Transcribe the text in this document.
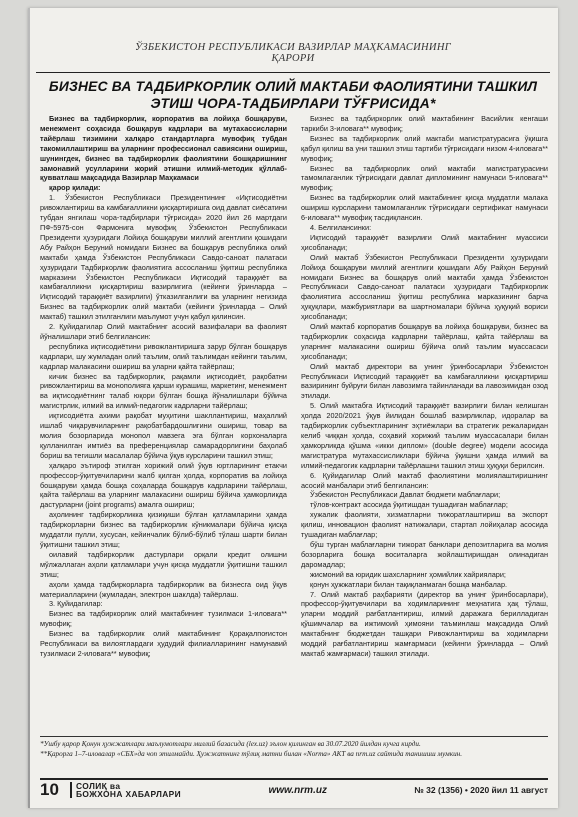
ЎЗБЕКИСТОН РЕСПУБЛИКАСИ ВАЗИРЛАР МАҲКАМАСИНИНГ
ҚАРОРИ
БИЗНЕС ВА ТАДБИРКОРЛИК ОЛИЙ МАКТАБИ ФАОЛИЯТИНИ ТАШКИЛ
ЭТИШ ЧОРА-ТАДБИРЛАРИ ТЎҒРИСИДА*

Бизнес ва тадбиркорлик, корпоратив ва лойиҳа бошқаруви, менежмент соҳасида бошқарув кадрлари ва мутахассисларни тайёрлаш тизимини халқаро стандартларга мувофиқ тубдан такомиллаштириш ва уларнинг профессионал савиясини ошириш, шунингдек, бизнес ва тадбиркорлик фаолиятини бошқаришнинг замонавий усулларини жорий этишни илмий-методик қўллаб-қувватлаш мақсадида Вазирлар Маҳкамаси

қарор қилади:

1. Ўзбекистон Республикаси Президентининг «Иқтисодиётни ривожлантириш ва камбағалликни қисқартиришга оид давлат сиёсатини тубдан янгилаш чора-тадбирлари тўғрисида» 2020 йил 26 мартдаги ПФ-5975-сон Фармонига мувофиқ Ўзбекистон Республикаси Президенти ҳузуридаги Лойиҳа бошқаруви миллий агентлиги қошидаги Абу Райҳон Беруний номидаги Бизнес ва бошқарув республика олий мактаби ҳамда Ўзбекистон Республикаси Савдо-саноат палатаси ҳузуридаги Тадбиркорлик фаолиятига ассосланиш ўқитиш республика марказини Ўзбекистон Республикаси Иқтисодий тараққиёт ва камбағалликни қисқартириш вазирлигига (кейинги ўринларда – Иқтисодий тараққиёт вазирлиги) ўтказилганлиги ва уларнинг негизида Бизнес ва тадбиркорлик олий мактаби (кейинги ўринларда – Олий мактаб) ташкил этилганлиги маълумот учун қабул қилинсин.

2. Қуйидагилар Олий мактабнинг асосий вазифалари ва фаолият йўналишлари этиб белгилансин:

республика иқтисодиётини ривожлантиришга зарур бўлган бошқарув кадрлари, шу жумладан олий таълим, олий таълимдан кейинги таълим, кадрлар малакасини ошириш ва уларни қайта тайёрлаш;

кичик бизнес ва тадбиркорлик, рақамли иқтисодиёт, рақобатни ривожлантириш ва монополияга қарши курашиш, маркетинг, менежмент ва иқтисодиётнинг талаб юқори бўлган бошқа йўналишлари бўйича магистрлик, илмий ва илмий-педагогик кадрларни тайёрлаш;

иқтисодиётга ахими рақобат муҳитини шакллантириш, маҳаллий ишлаб чиқарувчиларнинг рақобатбардошлигини ошириш, товар ва молия бозорларида монопол мавзега эга бўлган корхоналарга қулланилган имтиёз ва преференциялар самарадорлигини баҳолаб бориш ва тегишли масалалар бўйича ўқув курсларини ташкил этиш;

ҳалқаро эътироф этилган хорижий олий ўқув юртларининг етакчи профессор-ўқитувчиларини жалб қилган ҳолда, корпоратив ва лойиҳа бошқаруви ҳамда бошқа соҳаларда бошқарув кадрларини тайёрлаш, қайта тайёрлаш ва уларнинг малакасини ошириш бўйича ҳамкорликда дастурларни (joint programs) амалга ошириш;

аҳолининг тадбиркорликка қизиқиши бўлган қатламларини ҳамда тадбиркорларни бизнес ва тадбиркорлик кўникмалари бўйича қисқа муддатли пулли, хусусан, кейинчалик бўлиб-бўлиб тўлаш шарти билан ўқитишни ташкил этиш;

оилавий тадбиркорлик дастурлари орқали кредит олишни мўлжаллаган аҳоли қатламлари учун қисқа муддатли ўқитишни ташкил этиш;

аҳоли ҳамда тадбиркорларга тадбиркорлик ва бизнесга оид ўқув материалларини (жумладан, электрон шаклда) тайёрлаш.

3. Қуйидагилар:

Бизнес ва тадбиркорлик олий мактабининг тузилмаси 1-иловага** мувофиқ;

Бизнес ва тадбиркорлик олий мактабининг Қорақалпоғистон Республикаси ва вилоятлардаги ҳудудий филиалларининг намунавий тузилмаси 2-иловага** мувофиқ;

Бизнес ва тадбиркорлик олий мактабининг Васийлик кенгаши таркиби 3-иловага** мувофиқ;

Бизнес ва тадбиркорлик олий мактаби магистратурасига ўқишга қабул қилиш ва уни ташкил этиш тартиби тўғрисидаги низом 4-иловага** мувофиқ;

Бизнес ва тадбиркорлик олий мактаби магистратурасини тамомлаганлик тўғрисидаги давлат дипломининг намунаси 5-иловага** мувофиқ;

Бизнес ва тадбиркорлик олий мактабининг қисқа муддатли малака ошириш курсларини тамомлаганлик тўғрисидаги сертификат намунаси 6-иловага** мувофиқ тасдиқлансин.

4. Белгилансинки:

Иқтисодий тараққиёт вазирлиги Олий мактабнинг муассиси ҳисобланади;

Олий мактаб Ўзбекистон Республикаси Президенти ҳузуридаги Лойиҳа бошқаруви миллий агентлиги қошидаги Абу Райҳон Беруний номидаги Бизнес ва бошқарув олий мактаби ҳамда Ўзбекистон Республикаси Савдо-саноат палатаси ҳузуридаги Тадбиркорлик фаолиятига ассосланиш ўқитиш республика марказининг барча ҳуқуқлари, мажбуриятлари ва шартномалари бўйича ҳуқуқий вориси ҳисобланади;

Олий мактаб корпоратив бошқарув ва лойиҳа бошқаруви, бизнес ва тадбиркорлик соҳасида кадрларни тайёрлаш, қайта тайёрлаш ва уларнинг малакасини ошириш бўйича олий таълим муассасаси ҳисобланади;

Олий мактаб директори ва унинг ўринбосарлари Ўзбекистон Республикаси Иқтисодий тараққиёт ва камбағалликни қисқартириш вазирининг буйруғи билан лавозимга тайинланади ва лавозимидан озод этилади.

5. Олий мактабга Иқтисодий тараққиёт вазирлиги билан келишган ҳолда 2020/2021 ўқув йилидан бошлаб вазирликлар, идоралар ва тадбиркорлик субъектларининг эҳтиёжлари ва стратегик режаларидан келиб чиққан ҳолда, соҳавий хорижий таълим муассасалари билан ҳамкорликда қўшма «икки диплом» (double degree) модели асосида магистратура мутахассисликлари бўйича ўқишни ҳамда илмий ва илмий-педагогик кадрларни тайёрлашни ташкил этиш ҳуқуқи берилсин.

6. Қуйидагилар Олий мактаб фаолиятини молиялаштиришнинг асосий манбалари этиб белгилансин:

Ўзбекистон Республикаси Давлат бюджети маблағлари;

тўлов-контракт асосида ўқитишдан тушадиган маблағлар;

хужалик фаолияти, хизматларни тижоратлаштириш ва экспорт қилиш, инновацион фаолият натижалари, стартап лойиҳалар асосида тушадиган маблағлар;

бўш турган маблағларни тижорат банклари депозитларига ва молия бозорларига бошқа воситаларга жойлаштиришдан олинадиган даромадлар;

жисмоний ва юридик шахсларнинг ҳомийлик хайриялари;

қонун ҳужжатлари билан тақиқланмаган бошқа манбалар.

7. Олий мактаб раҳбарияти (директор ва унинг ўринбосарлари), профессор-ўқитувчилари ва ходимларининг меҳнатига ҳақ тўлаш, уларни моддий рағбатлантириш, илмий даражага берилладиган қўшимчалар ва ижтимоий ҳимояни таъминлаш мақсадида Олий мактабнинг бюджетдан ташқари Ривожлантириш ва ходимларни моддий рағбатлантириш жамғармаси (кейинги ўринларда – Олий мактаб жамғармаси) ташкил этилади.

*Ушбу қарор Қонун ҳужжатлари маълумотлари миллий базасида (lex.uz) эълон қилинган ва 30.07.2020 йилдан кучга кирди.

**Қарорга 1–7-иловалар «СБХ»да чоп этилмайди. Ҳужжатнинг тўлиқ матни билан «Norma» АКТ ва nrm.uz сайтида танишиш мумкин.

10	СОЛИҚ ва
БОЖХОНА ХАБАРЛАРИ	www.nrm.uz	№ 32 (1356) • 2020 йил 11 август
